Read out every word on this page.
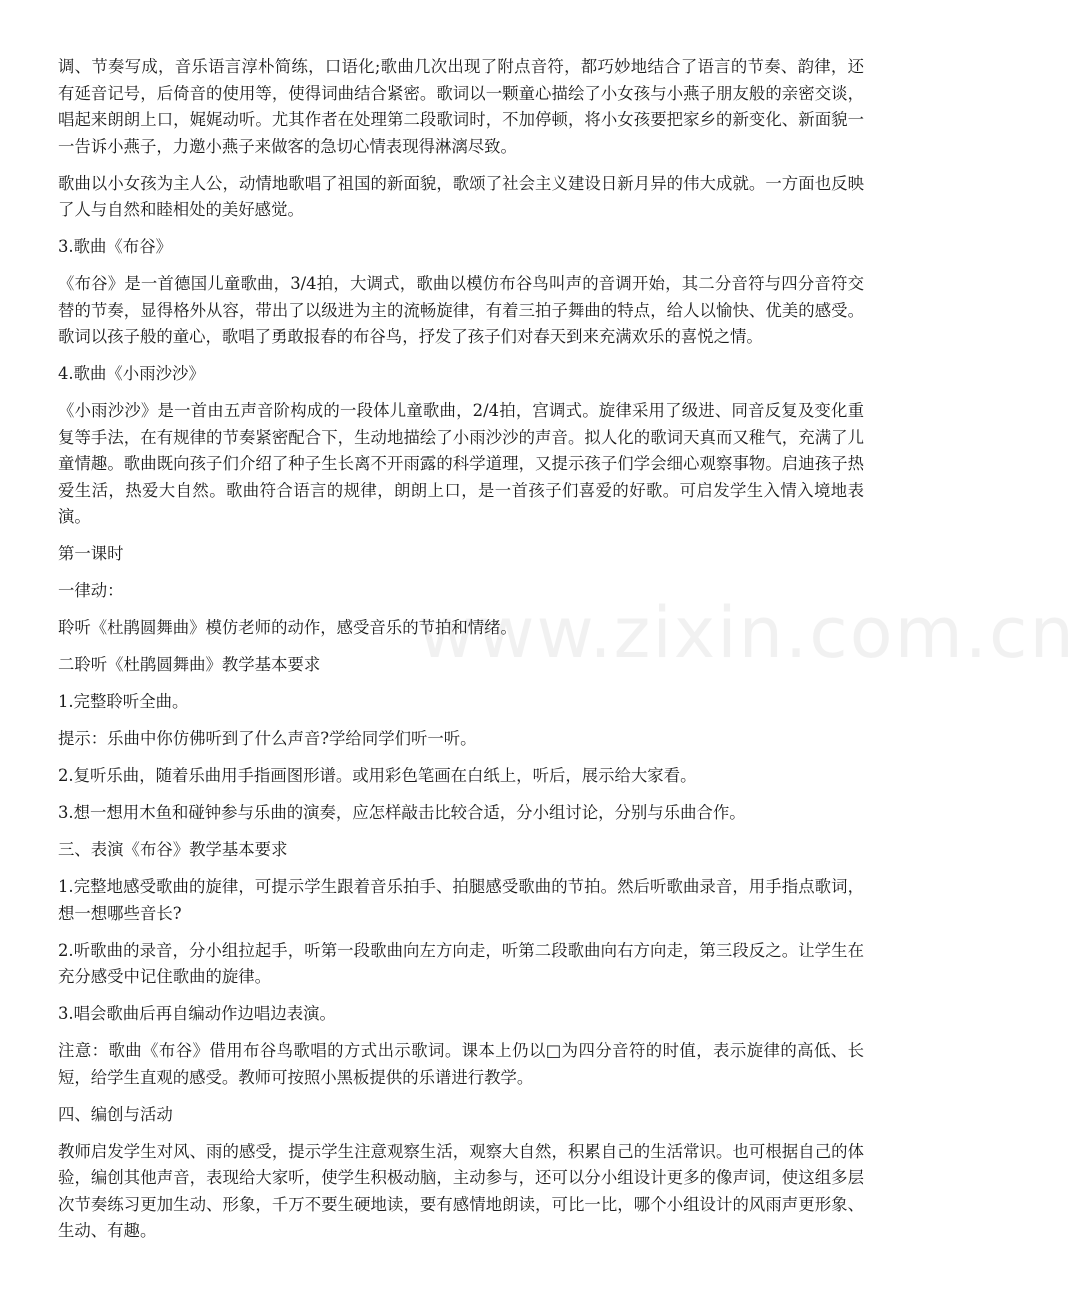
调、节奏写成，音乐语言淳朴简练，口语化;歌曲几次出现了附点音符，都巧妙地结合了语言的节奏、韵律，还有延音记号，后倚音的使用等，使得词曲结合紧密。歌词以一颗童心描绘了小女孩与小燕子朋友般的亲密交谈，唱起来朗朗上口，娓娓动听。尤其作者在处理第二段歌词时，不加停顿，将小女孩要把家乡的新变化、新面貌一一告诉小燕子，力邀小燕子来做客的急切心情表现得淋漓尽致。

歌曲以小女孩为主人公，动情地歌唱了祖国的新面貌，歌颂了社会主义建设日新月异的伟大成就。一方面也反映了人与自然和睦相处的美好感觉。

3.歌曲《布谷》

《布谷》是一首德国儿童歌曲，3/4拍，大调式，歌曲以模仿布谷鸟叫声的音调开始，其二分音符与四分音符交替的节奏，显得格外从容，带出了以级进为主的流畅旋律，有着三拍子舞曲的特点，给人以愉快、优美的感受。歌词以孩子般的童心，歌唱了勇敢报春的布谷鸟，抒发了孩子们对春天到来充满欢乐的喜悦之情。

4.歌曲《小雨沙沙》

《小雨沙沙》是一首由五声音阶构成的一段体儿童歌曲，2/4拍，宫调式。旋律采用了级进、同音反复及变化重复等手法，在有规律的节奏紧密配合下，生动地描绘了小雨沙沙的声音。拟人化的歌词天真而又稚气，充满了儿童情趣。歌曲既向孩子们介绍了种子生长离不开雨露的科学道理，又提示孩子们学会细心观察事物。启迪孩子热爱生活，热爱大自然。歌曲符合语言的规律，朗朗上口，是一首孩子们喜爱的好歌。可启发学生入情入境地表演。

第一课时

一律动：

聆听《杜鹃圆舞曲》模仿老师的动作，感受音乐的节拍和情绪。

二聆听《杜鹃圆舞曲》教学基本要求

1.完整聆听全曲。

提示：乐曲中你仿佛听到了什么声音?学给同学们听一听。

2.复听乐曲，随着乐曲用手指画图形谱。或用彩色笔画在白纸上，听后，展示给大家看。

3.想一想用木鱼和碰钟参与乐曲的演奏，应怎样敲击比较合适，分小组讨论，分别与乐曲合作。

三、表演《布谷》教学基本要求

1.完整地感受歌曲的旋律，可提示学生跟着音乐拍手、拍腿感受歌曲的节拍。然后听歌曲录音，用手指点歌词，想一想哪些音长?

2.听歌曲的录音，分小组拉起手，听第一段歌曲向左方向走，听第二段歌曲向右方向走，第三段反之。让学生在充分感受中记住歌曲的旋律。

3.唱会歌曲后再自编动作边唱边表演。

注意：歌曲《布谷》借用布谷鸟歌唱的方式出示歌词。课本上仍以□为四分音符的时值，表示旋律的高低、长短，给学生直观的感受。教师可按照小黑板提供的乐谱进行教学。

四、编创与活动

教师启发学生对风、雨的感受，提示学生注意观察生活，观察大自然，积累自己的生活常识。也可根据自己的体验，编创其他声音，表现给大家听，使学生积极动脑，主动参与，还可以分小组设计更多的像声词，使这组多层次节奏练习更加生动、形象，千万不要生硬地读，要有感情地朗读，可比一比，哪个小组设计的风雨声更形象、生动、有趣。

www.zixin.com.cn
